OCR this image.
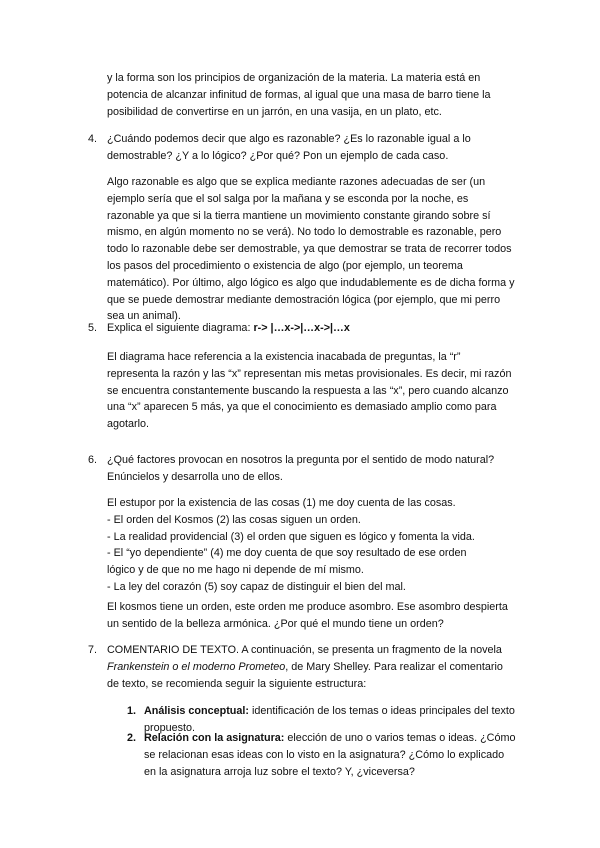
y la forma son los principios de organización de la materia. La materia está en
potencia de alcanzar infinitud de formas, al igual que una masa de barro tiene la
posibilidad de convertirse en un jarrón, en una vasija, en un plato, etc.
4. ¿Cuándo podemos decir que algo es razonable? ¿Es lo razonable igual a lo
demostrable? ¿Y a lo lógico? ¿Por qué? Pon un ejemplo de cada caso.
Algo razonable es algo que se explica mediante razones adecuadas de ser (un
ejemplo sería que el sol salga por la mañana y se esconda por la noche, es
razonable ya que si la tierra mantiene un movimiento constante girando sobre sí
mismo, en algún momento no se verá). No todo lo demostrable es razonable, pero
todo lo razonable debe ser demostrable, ya que demostrar se trata de recorrer todos
los pasos del procedimiento o existencia de algo (por ejemplo, un teorema
matemático). Por último, algo lógico es algo que indudablemente es de dicha forma y
que se puede demostrar mediante demostración lógica (por ejemplo, que mi perro
sea un animal).
5. Explica el siguiente diagrama: r-> |…x->|…x->|…x
El diagrama hace referencia a la existencia inacabada de preguntas, la “r”
representa la razón y las “x” representan mis metas provisionales. Es decir, mi razón
se encuentra constantemente buscando la respuesta a las “x”, pero cuando alcanzo
una “x” aparecen 5 más, ya que el conocimiento es demasiado amplio como para
agotarlo.
6. ¿Qué factores provocan en nosotros la pregunta por el sentido de modo natural?
Enúncielos y desarrolla uno de ellos.
El estupor por la existencia de las cosas (1) me doy cuenta de las cosas.
- El orden del Kosmos (2) las cosas siguen un orden.
- La realidad providencial (3) el orden que siguen es lógico y fomenta la vida.
- El “yo dependiente” (4) me doy cuenta de que soy resultado de ese orden
lógico y de que no me hago ni depende de mí mismo.
- La ley del corazón (5) soy capaz de distinguir el bien del mal.
El kosmos tiene un orden, este orden me produce asombro. Ese asombro despierta
un sentido de la belleza armónica. ¿Por qué el mundo tiene un orden?
7. COMENTARIO DE TEXTO. A continuación, se presenta un fragmento de la novela
Frankenstein o el moderno Prometeo, de Mary Shelley. Para realizar el comentario
de texto, se recomienda seguir la siguiente estructura:
1. Análisis conceptual: identificación de los temas o ideas principales del texto
propuesto.
2. Relación con la asignatura: elección de uno o varios temas o ideas. ¿Cómo
se relacionan esas ideas con lo visto en la asignatura? ¿Cómo lo explicado
en la asignatura arroja luz sobre el texto? Y, ¿viceversa?
